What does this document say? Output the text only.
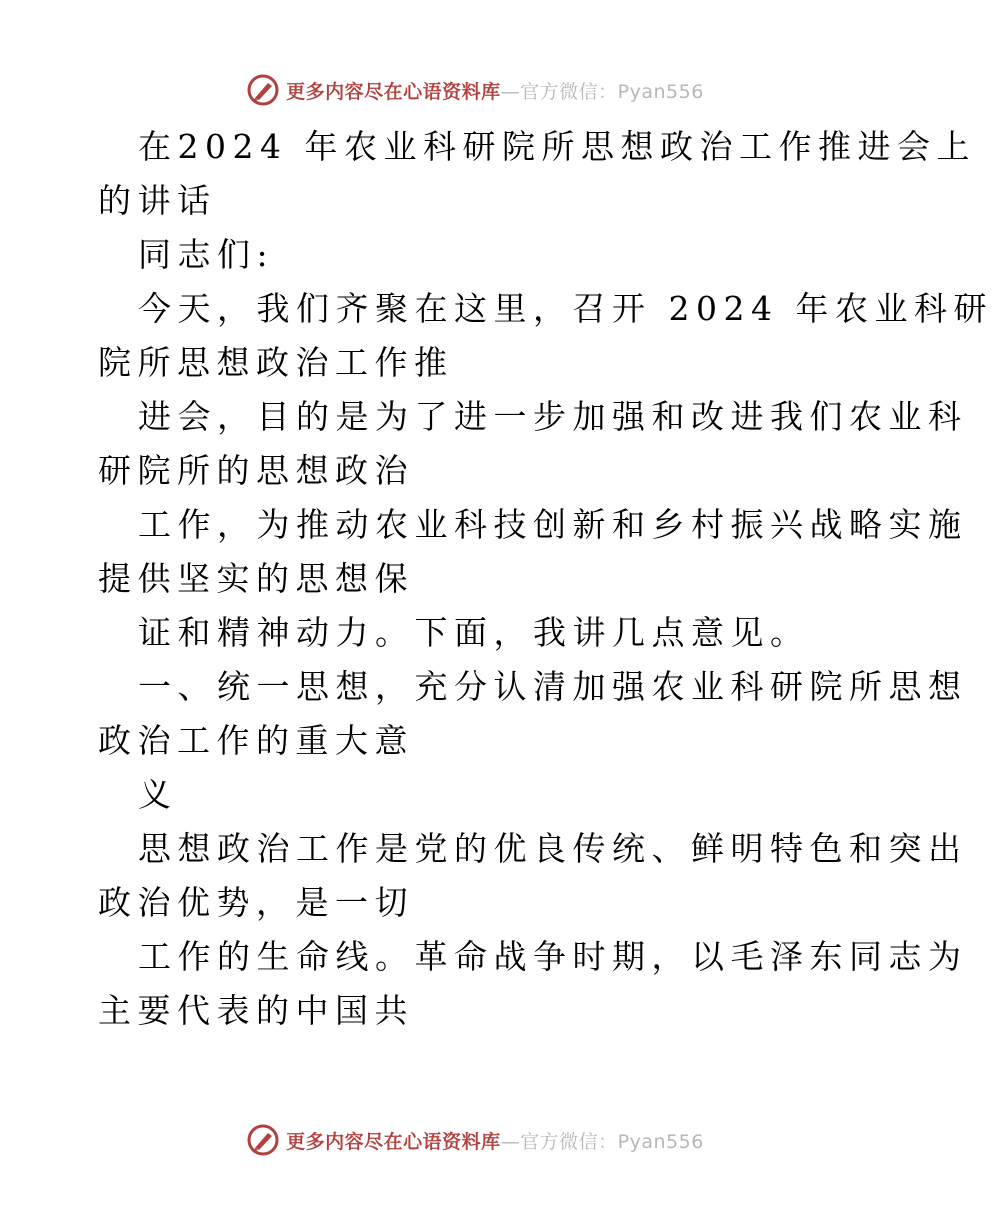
更多内容尽在心语资料库—官方微信：Pyan556
在2024 年农业科研院所思想政治工作推进会上
的讲话
同志们:
今天，我们齐聚在这里，召开 2024 年农业科研
院所思想政治工作推
进会，目的是为了进一步加强和改进我们农业科
研院所的思想政治
工作，为推动农业科技创新和乡村振兴战略实施
提供坚实的思想保
证和精神动力。下面，我讲几点意见。
一、统一思想，充分认清加强农业科研院所思想
政治工作的重大意
义
思想政治工作是党的优良传统、鲜明特色和突出
政治优势，是一切
工作的生命线。革命战争时期，以毛泽东同志为
主要代表的中国共
更多内容尽在心语资料库—官方微信：Pyan556
